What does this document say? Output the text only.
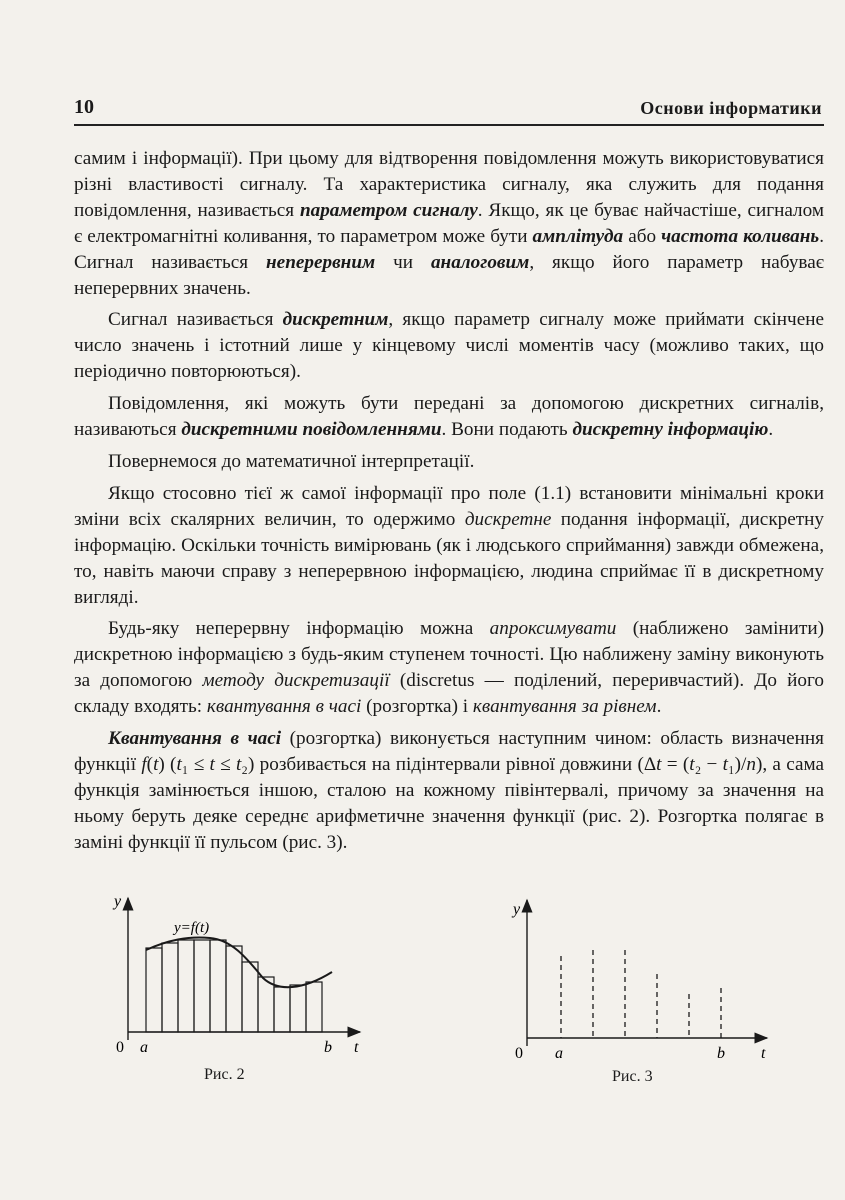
10	Основи інформатики

самим і інформації). При цьому для відтворення повідомлення можуть використовуватися різні властивості сигналу. Та характеристика сигналу, яка служить для подання повідомлення, називається параметром сигналу. Якщо, як це буває найчастіше, сигналом є електромагнітні коливання, то параметром може бути амплітуда або частота коливань. Сигнал називається неперервним чи аналоговим, якщо його параметр набуває неперервних значень.

Сигнал називається дискретним, якщо параметр сигналу може приймати скінчене число значень і істотний лише у кінцевому числі моментів часу (можливо таких, що періодично повторюються).

Повідомлення, які можуть бути передані за допомогою дискретних сигналів, називаються дискретними повідомленнями. Вони подають дискретну інформацію.

Повернемося до математичної інтерпретації.

Якщо стосовно тієї ж самої інформації про поле (1.1) встановити мінімальні кроки зміни всіх скалярних величин, то одержимо дискретне подання інформації, дискретну інформацію. Оскільки точність вимірювань (як і людського сприймання) завжди обмежена, то, навіть маючи справу з неперервною інформацією, людина сприймає її в дискретному вигляді.

Будь-яку неперервну інформацію можна апроксимувати (наближено замінити) дискретною інформацією з будь-яким ступенем точності. Цю наближену заміну виконують за допомогою методу дискретизації (discretus — поділений, переривчастий). До його складу входять: квантування в часі (розгортка) і квантування за рівнем.

Квантування в часі (розгортка) виконується наступним чином: область визначення функції f(t) (t₁ ≤ t ≤ t₂) розбивається на підінтервали рівної довжини (Δt = (t₂ − t₁)/n), а сама функція замінюється іншою, сталою на кожному півінтервалі, причому за значення на ньому беруть деяке середнє арифметичне значення функції (рис. 2). Розгортка полягає в заміні функції її пульсом (рис. 3).

y
t
0 a	b
y=f(t)
Рис. 2
y
t
0 a	b
Рис. 3
